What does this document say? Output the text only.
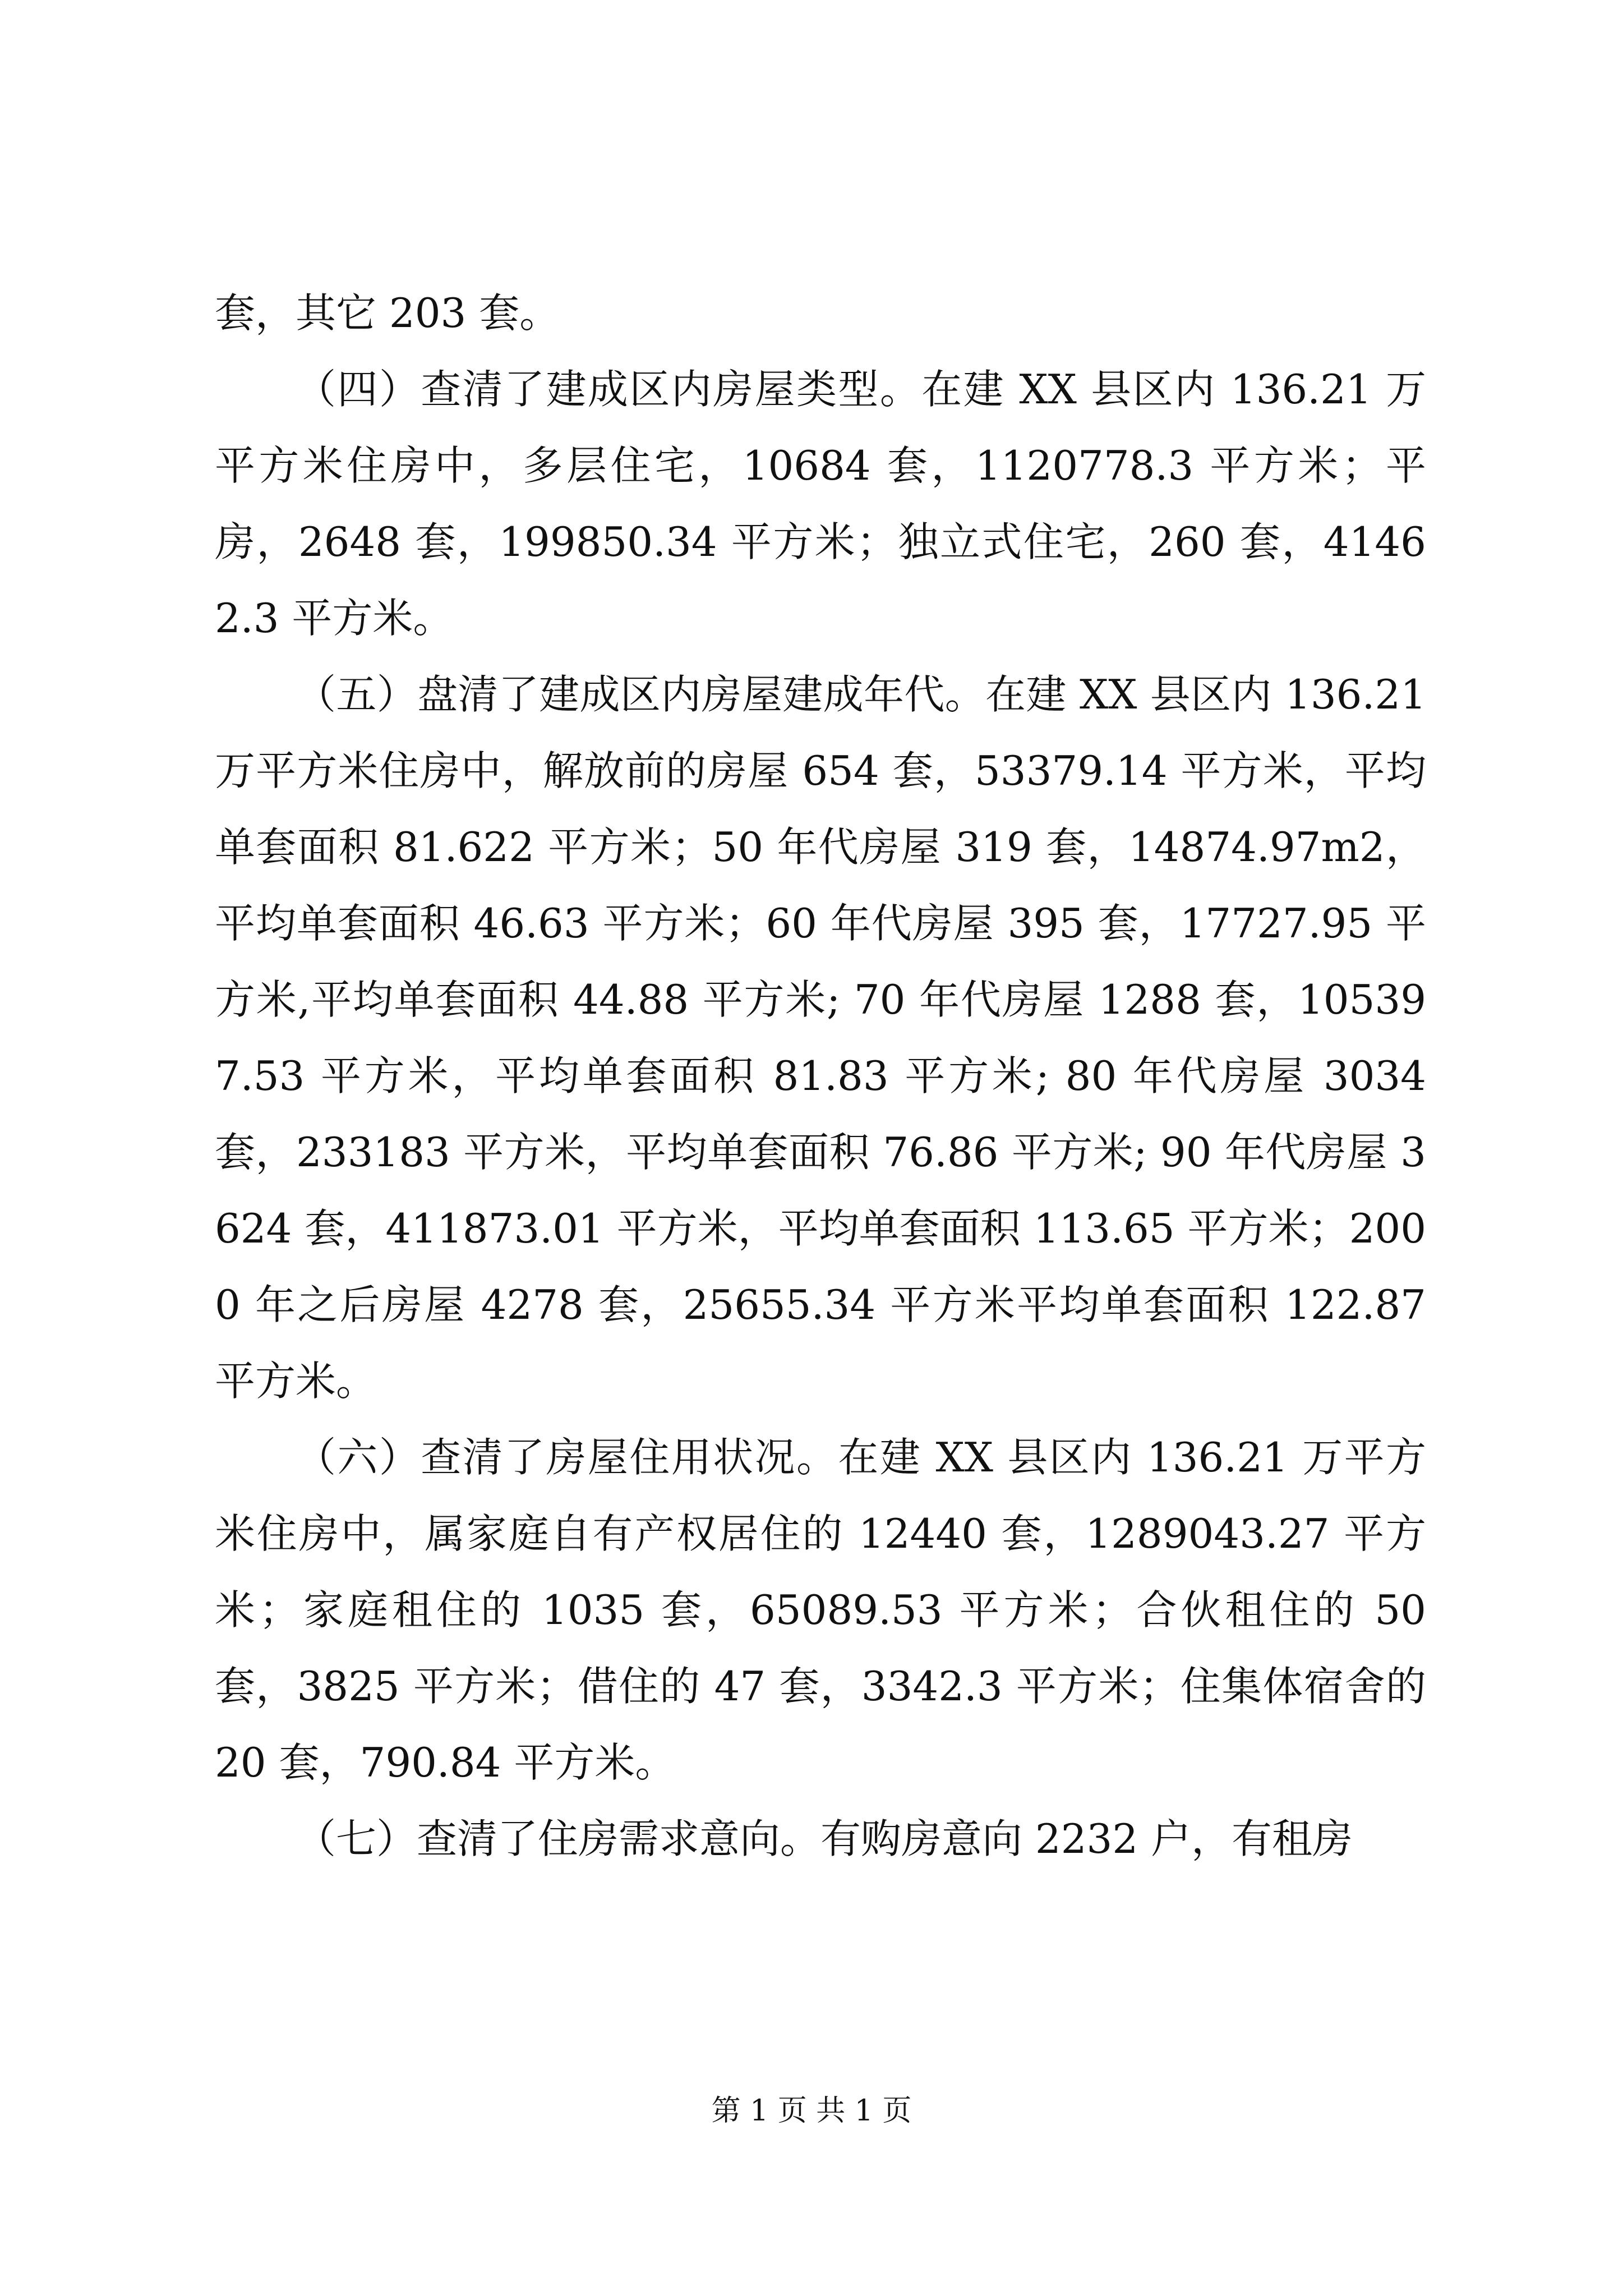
套，其它 203 套。

（四）查清了建成区内房屋类型。在建 XX 县区内 136.21 万平方米住房中，多层住宅，10684 套，1120778.3 平方米；平房，2648 套，199850.34 平方米；独立式住宅，260 套，41462.3 平方米。

（五）盘清了建成区内房屋建成年代。在建 XX 县区内 136.21 万平方米住房中，解放前的房屋 654 套，53379.14 平方米，平均单套面积 81.622 平方米；50 年代房屋 319 套，14874.97m2，平均单套面积 46.63 平方米；60 年代房屋 395 套，17727.95 平方米,平均单套面积 44.88 平方米; 70 年代房屋 1288 套，105397.53 平方米，平均单套面积 81.83 平方米; 80 年代房屋 3034 套，233183 平方米，平均单套面积 76.86 平方米; 90 年代房屋 3624 套，411873.01 平方米，平均单套面积 113.65 平方米；2000 年之后房屋 4278 套，25655.34 平方米平均单套面积 122.87 平方米。

（六）查清了房屋住用状况。在建 XX 县区内 136.21 万平方米住房中，属家庭自有产权居住的 12440 套，1289043.27 平方米；家庭租住的 1035 套，65089.53 平方米；合伙租住的 50 套，3825 平方米；借住的 47 套，3342.3 平方米；住集体宿舍的 20 套，790.84 平方米。

（七）查清了住房需求意向。有购房意向 2232 户，有租房

第 1 页 共 1 页
